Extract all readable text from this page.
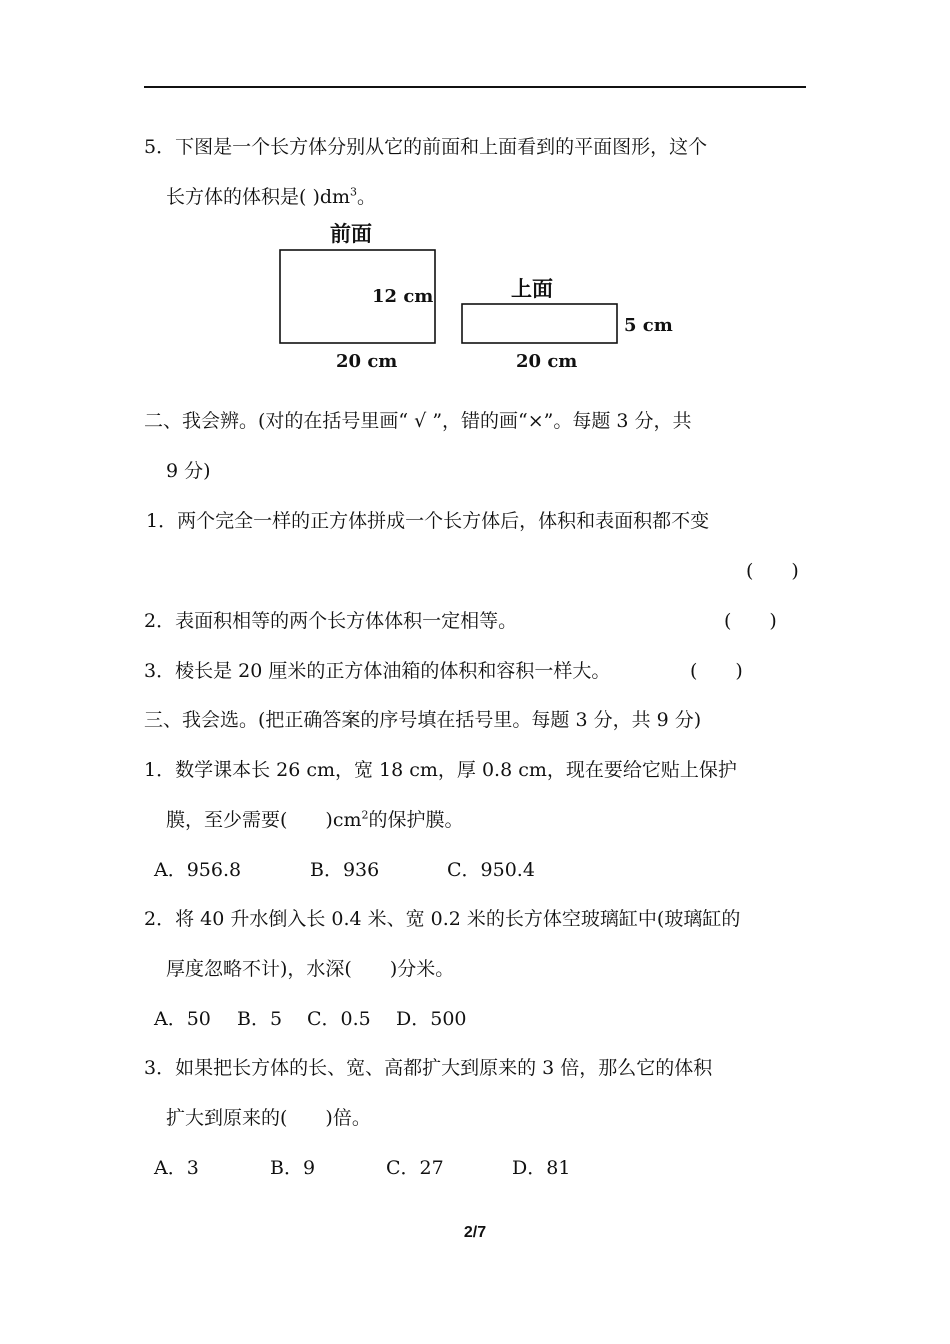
5．下图是一个长方体分别从它的前面和上面看到的平面图形，这个
长方体的体积是( )$dm^3$。
前面
12 cm
20 cm
上面
5 cm
20 cm
二、我会辨。(对的在括号里画“ √ ”，错的画“×”。每题 3 分，共
9 分)
1．两个完全一样的正方体拼成一个长方体后，体积和表面积都不变
(　　)
2．表面积相等的两个长方体体积一定相等。	(　　)
3．棱长是 20 厘米的正方体油箱的体积和容积一样大。	(　　)
三、我会选。(把正确答案的序号填在括号里。每题 3 分，共 9 分)
1．数学课本长 26 cm，宽 18 cm，厚 0.8 cm，现在要给它贴上保护
膜，至少需要(　　)$cm^2$的保护膜。
A．956.8	B．936	C．950.4
2．将 40 升水倒入长 0.4 米、宽 0.2 米的长方体空玻璃缸中(玻璃缸的
厚度忽略不计)，水深(　　)分米。
A．50 B．5 C．0.5 D．500
3．如果把长方体的长、宽、高都扩大到原来的 3 倍，那么它的体积
扩大到原来的(　　)倍。
A．3	B．9	C．27	D．81
2/7
